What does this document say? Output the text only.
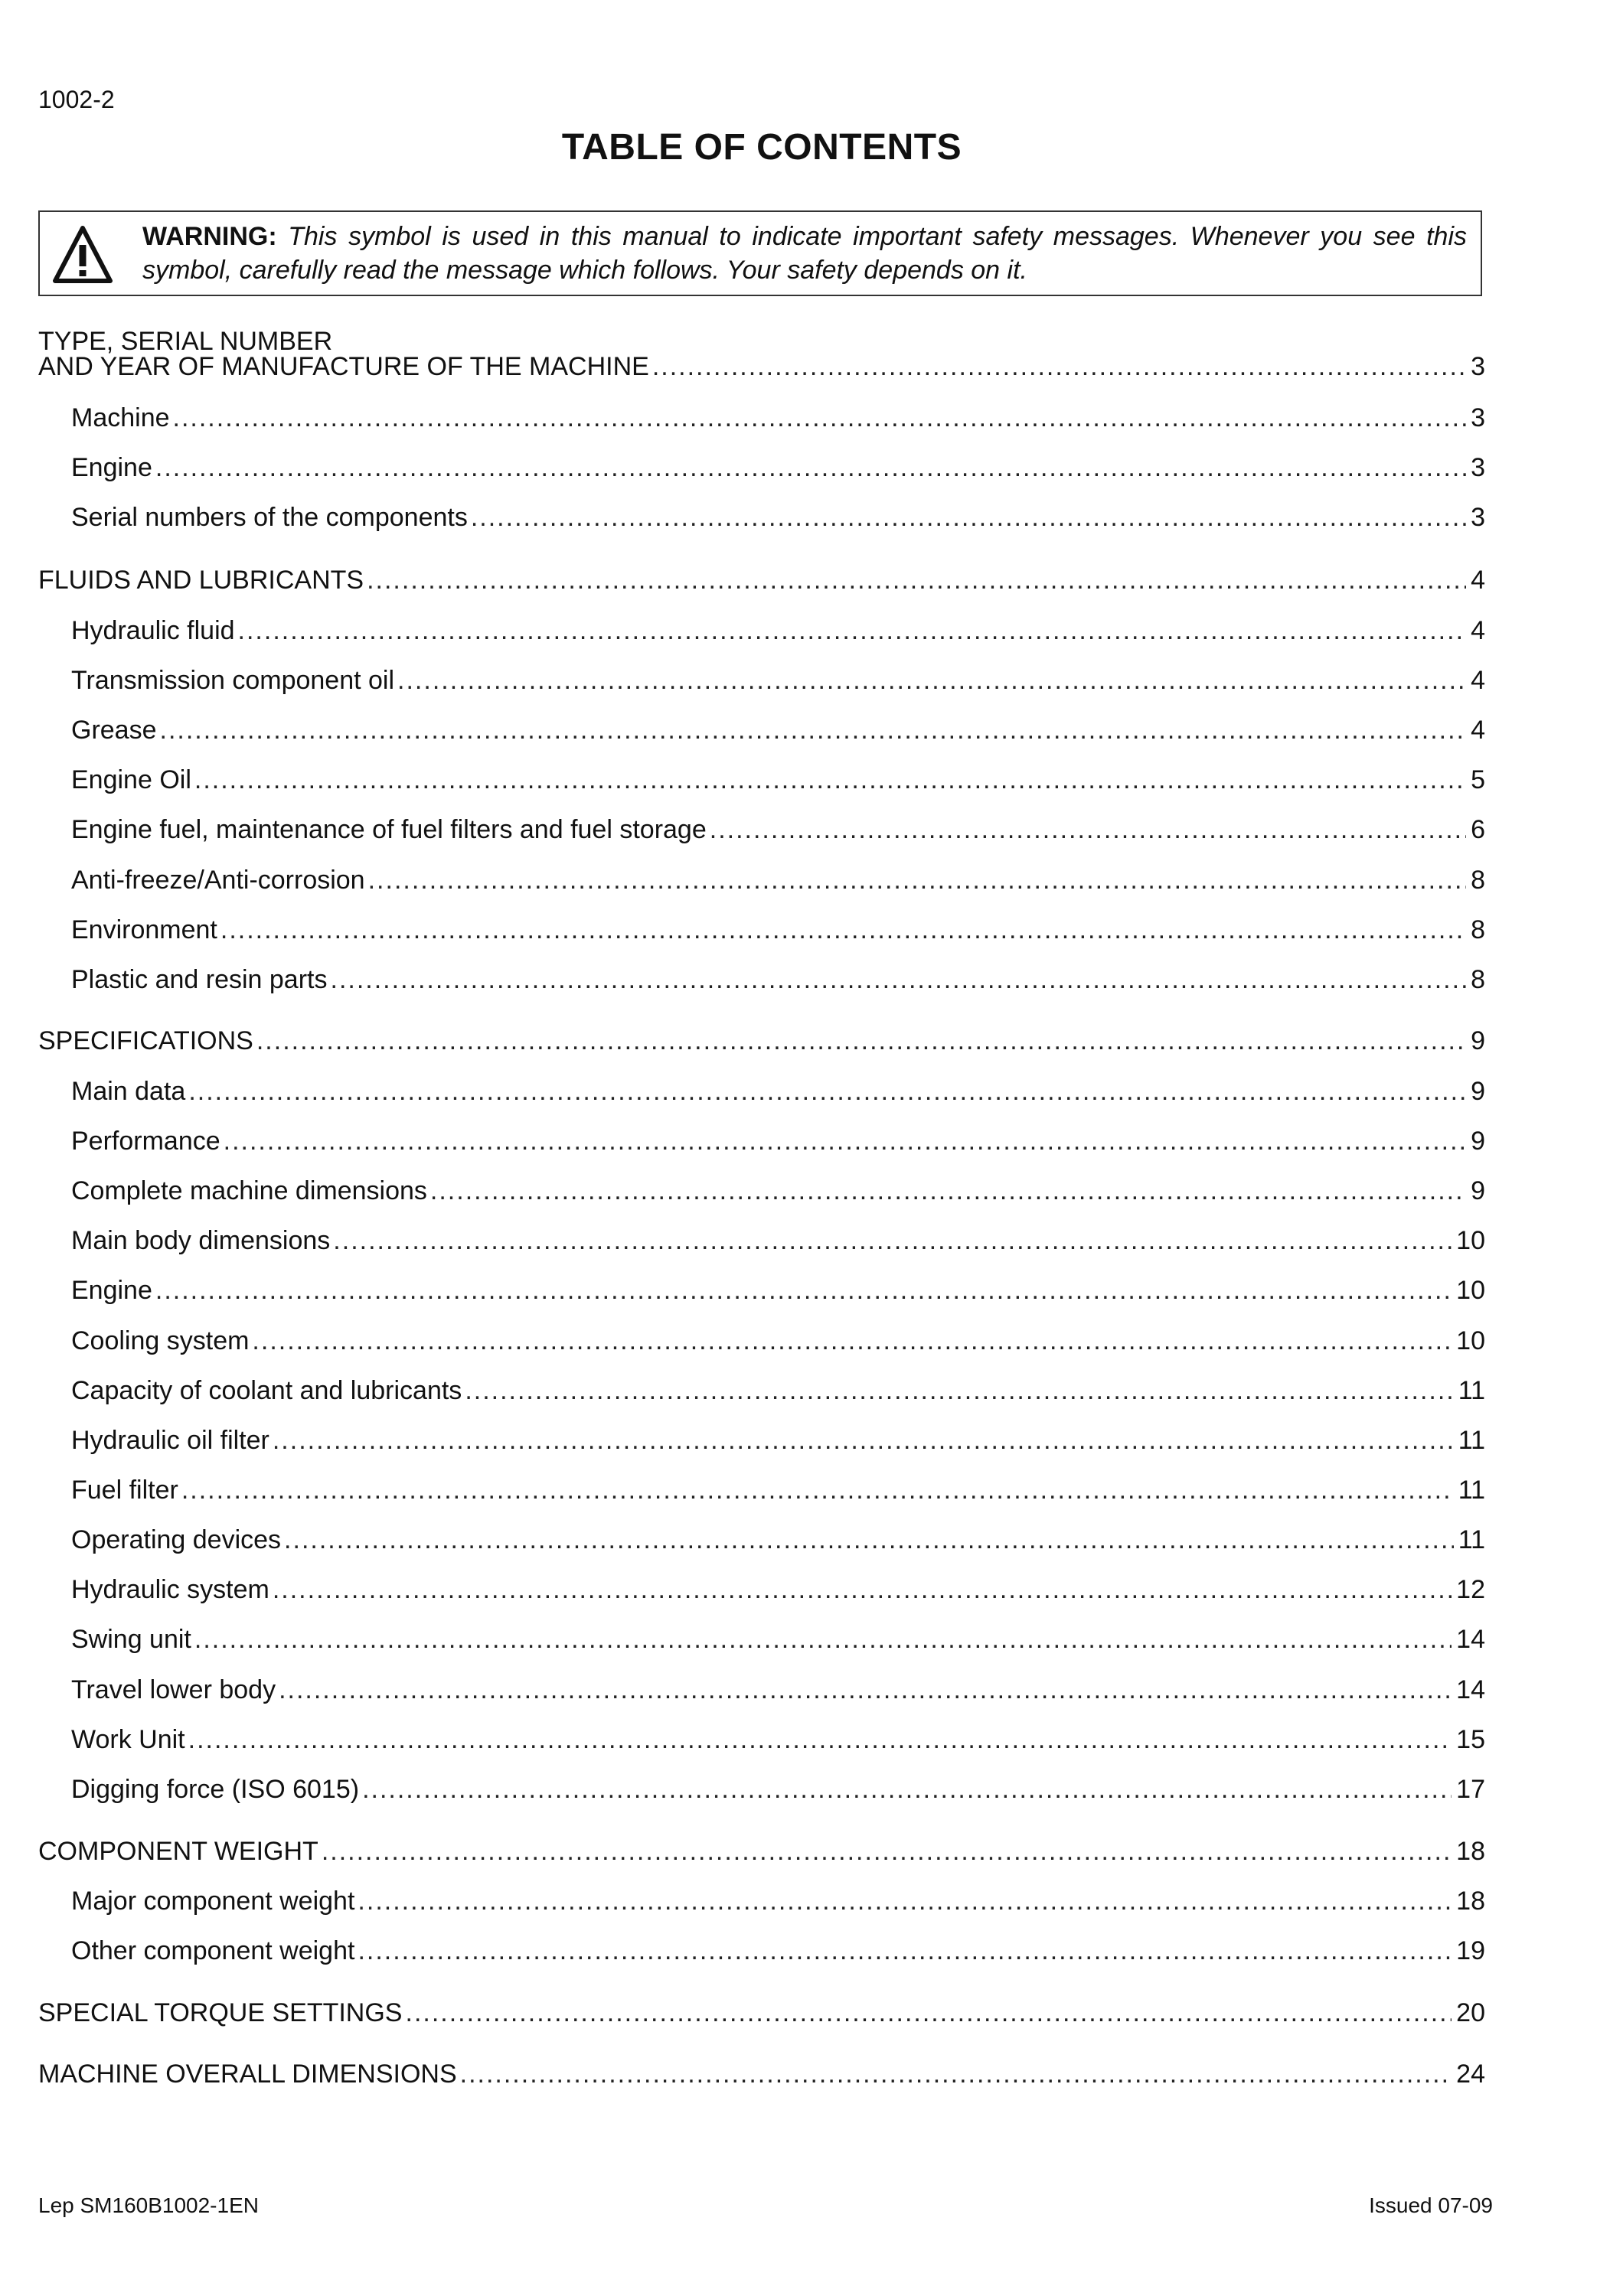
1002-2
TABLE OF CONTENTS
WARNING: This symbol is used in this manual to indicate important safety messages. Whenever you see this symbol, carefully read the message which follows. Your safety depends on it.
TYPE, SERIAL NUMBER
AND YEAR OF MANUFACTURE OF THE MACHINE .....	3
Machine .....	3
Engine .....	3
Serial numbers of the components .....	3
FLUIDS AND LUBRICANTS .....	4
Hydraulic fluid .....	4
Transmission component oil .....	4
Grease .....	4
Engine Oil .....	5
Engine fuel, maintenance of fuel filters and fuel storage .....	6
Anti-freeze/Anti-corrosion .....	8
Environment .....	8
Plastic and resin parts .....	8
SPECIFICATIONS .....	9
Main data .....	9
Performance .....	9
Complete machine dimensions .....	9
Main body dimensions .....	10
Engine .....	10
Cooling system .....	10
Capacity of coolant and lubricants .....	11
Hydraulic oil filter .....	11
Fuel filter .....	11
Operating devices .....	11
Hydraulic system .....	12
Swing unit .....	14
Travel lower body .....	14
Work Unit .....	15
Digging force (ISO 6015) .....	17
COMPONENT WEIGHT .....	18
Major component weight .....	18
Other component weight .....	19
SPECIAL TORQUE SETTINGS .....	20
MACHINE OVERALL DIMENSIONS .....	24
Lep SM160B1002-1EN	Issued 07-09
